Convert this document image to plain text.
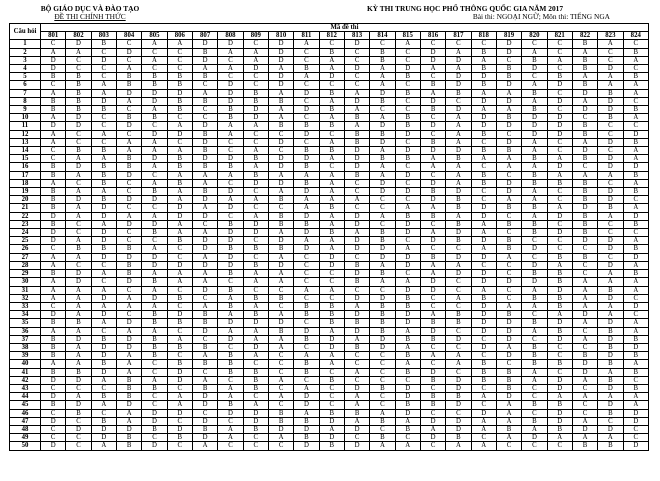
BỘ GIÁO DỤC VÀ ĐÀO TẠO
ĐỀ THI CHÍNH THỨC
KỲ THI TRUNG HỌC PHỔ THÔNG QUỐC GIA NĂM 2017
Bài thi: NGOẠI NGỮ; Môn thi: TIẾNG NGA
Câu hỏi	Mã đề thi																							
	801	802	803	804	805	806	807	808	809	810	811	812	813	814	815	816	817	818	819	820	821	822	823	824
1	C	D	B	C	A	A	D	D	C	D	A	C	D	C	A	C	C	C	D	C	C	B	A	C
2	A	A	C	D	C	C	B	A	A	D	C	B	C	B	C	D	A	B	D	A	C	A	C	B
3	D	C	D	C	A	C	D	C	A	D	C	A	C	B	C	D	D	A	C	B	A	B	C	A
4	D	C	C	A	C	C	A	A	D	A	B	A	D	A	D	A	A	B	B	D	C	B	D	C
5	B	B	C	B	B	B	B	C	C	D	A	D	C	A	B	C	D	D	B	C	B	A	A	B
6	C	B	A	B	B	B	C	D	C	D	C	C	C	A	C	B	D	B	D	A	D	B	A	A
7	A	B	A	D	D	D	A	D	B	A	D	B	A	D	B	A	B	A	A	B	C	D	B	A
8	B	B	D	A	D	B	B	D	B	B	C	A	D	B	C	D	C	D	D	A	D	A	D	C
9	B	B	B	C	A	B	C	B	D	A	D	B	A	C	C	B	D	A	A	B	C	D	D	B
10	A	D	C	B	B	C	C	B	D	A	C	A	B	A	B	C	A	D	B	D	D	C	B	A
11	D	D	C	D	C	A	D	A	A	B	B	B	A	D	B	D	A	D	D	D	D	B	C	C
12	A	C	A	C	D	D	B	A	C	C	D	C	B	B	D	C	A	B	C	D	D	B	C	D
13	A	C	C	A	A	C	D	C	C	D	C	A	B	D	C	B	A	C	D	A	C	A	D	B
14	C	B	B	A	A	A	B	C	A	C	B	B	D	A	D	D	D	B	B	A	C	D	C	A
15	C	A	A	B	D	B	D	D	B	D	D	A	D	B	B	A	B	A	A	B	A	B	D	A
16	B	D	B	B	A	B	B	B	A	D	B	C	D	A	C	A	A	C	A	A	D	C	D	D
17	B	A	B	D	C	A	A	A	B	A	A	A	B	A	D	C	A	B	C	B	A	A	A	B
18	A	C	B	C	A	B	A	C	D	D	B	A	C	D	C	D	A	B	D	B	B	B	C	A
19	B	A	A	C	B	A	B	D	C	A	D	A	C	D	D	B	D	C	D	A	C	B	D	B
20	B	D	B	D	D	A	D	A	A	B	A	A	A	C	C	D	B	C	A	A	C	B	D	C
21	B	A	D	C	C	D	A	D	C	C	A	B	C	C	A	A	B	D	B	B	A	D	B	A
22	D	A	D	A	A	D	D	C	A	B	D	A	D	A	B	B	A	D	C	A	D	B	A	D
23	B	C	A	D	D	A	C	B	D	B	B	A	D	C	D	C	B	A	B	B	C	B	C	B
24	D	C	D	C	B	A	A	D	D	A	D	B	A	B	D	A	D	A	C	B	D	B	C	C
25	D	A	D	C	C	B	D	D	C	D	A	A	D	B	C	D	B	D	B	C	C	D	D	A
26	C	B	B	B	A	C	D	B	B	B	D	A	D	D	A	C	C	A	B	D	C	C	D	B
27	A	A	D	D	D	C	A	D	C	A	C	D	C	D	D	B	D	D	A	C	B	B	C	D
28	A	C	C	B	D	D	D	D	B	D	C	D	B	A	D	A	A	C	C	D	A	C	D	A
29	B	D	A	B	A	A	A	B	A	A	C	C	D	B	C	A	D	D	C	B	B	C	A	B
30	A	D	C	D	B	A	A	C	A	A	C	C	B	A	A	D	C	D	D	D	B	A	A	A
31	A	A	A	C	A	C	D	B	C	C	A	A	C	C	D	D	C	A	C	A	D	A	B	A
32	A	A	D	A	D	B	C	A	B	B	C	C	D	D	B	C	A	B	C	B	B	A	D	C
33	C	A	A	A	A	C	A	B	A	C	B	B	A	B	B	C	C	D	A	A	B	A	A	D
34	D	A	D	C	B	D	B	A	B	A	B	B	D	B	D	A	B	D	B	C	A	D	A	C
35	B	B	A	D	B	B	B	D	D	D	C	B	B	B	D	B	B	D	D	B	D	A	D	A
36	A	A	C	A	A	C	D	A	A	B	D	A	D	B	A	D	C	D	D	A	B	C	B	A
37	B	D	B	D	B	A	C	D	A	A	B	D	A	D	B	B	D	C	D	C	D	A	D	B
38	B	A	D	D	B	B	B	C	D	A	C	D	B	D	A	C	C	D	A	B	C	C	B	D
39	B	A	D	A	B	C	A	B	A	C	A	A	C	C	B	A	A	C	D	B	C	B	D	B
40	A	A	B	A	C	B	B	B	C	C	B	A	C	C	A	C	A	B	C	B	B	D	B	A
41	B	B	D	A	C	D	C	B	B	C	B	C	A	C	B	D	C	B	B	A	C	D	A	B
42	D	D	A	B	A	D	A	C	B	A	C	B	C	C	C	B	D	B	B	A	D	A	B	C
43	C	C	C	B	B	C	B	A	B	C	A	C	D	B	D	C	D	C	B	C	D	C	D	B
44	D	A	B	B	C	A	D	A	C	A	D	C	A	C	D	B	B	A	D	C	A	A	A	A
45	B	D	A	D	C	A	D	B	A	C	D	C	A	C	B	B	D	C	A	B	B	C	D	A
46	C	B	C	A	D	D	C	D	D	B	A	B	B	A	D	C	C	D	A	C	D	C	B	D
47	D	C	B	A	D	C	D	C	D	B	B	D	A	B	A	D	D	A	A	B	D	A	C	D
48	C	D	D	D	B	D	B	A	B	D	D	A	D	C	B	A	D	A	B	A	B	D	D	C
49	C	C	D	B	C	B	D	A	C	A	B	D	C	B	C	D	B	C	A	D	A	A	A	C
50	D	C	A	B	D	C	A	C	C	C	D	B	D	A	A	C	A	A	C	C	C	B	B	D
